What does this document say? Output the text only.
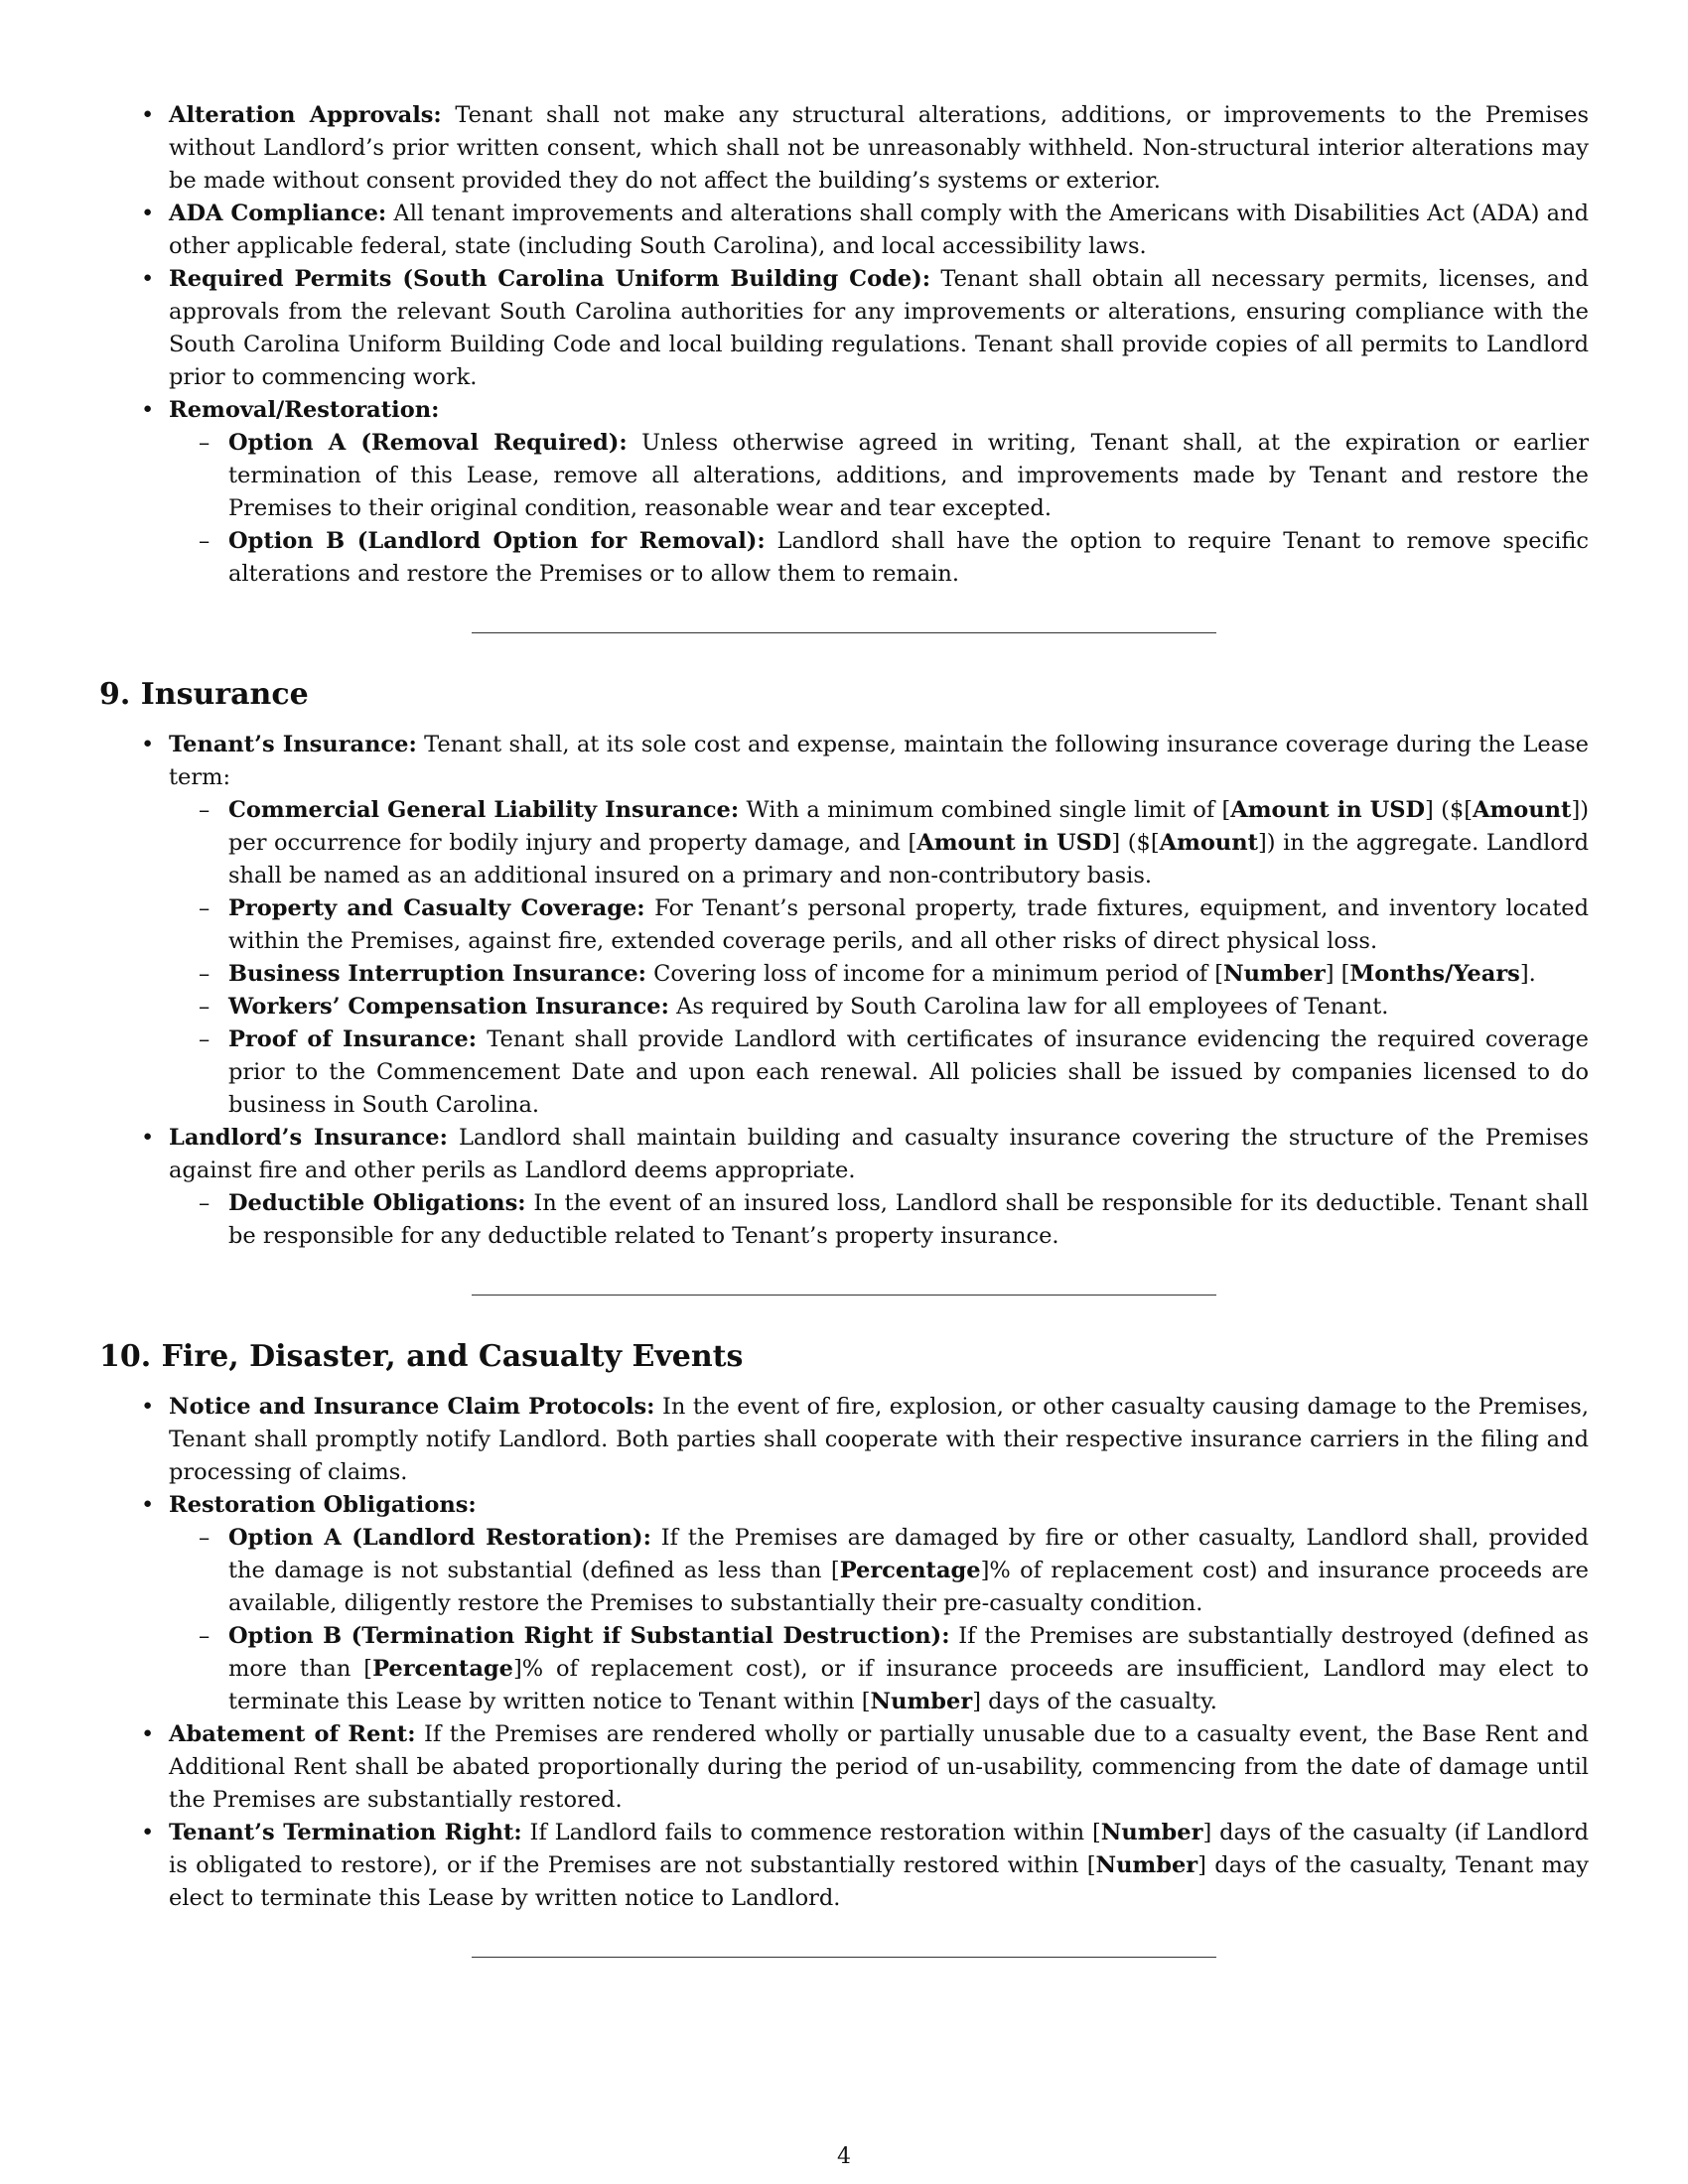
• Alteration Approvals: Tenant shall not make any structural alterations, additions, or improvements to the Premises without Landlord’s prior written consent, which shall not be unreasonably withheld. Non-structural interior alterations may be made without consent provided they do not affect the building’s systems or exterior.
• ADA Compliance: All tenant improvements and alterations shall comply with the Americans with Disabilities Act (ADA) and other applicable federal, state (including South Carolina), and local accessibility laws.
• Required Permits (South Carolina Uniform Building Code): Tenant shall obtain all necessary permits, licenses, and approvals from the relevant South Carolina authorities for any improvements or alterations, ensuring compliance with the South Carolina Uniform Building Code and local building regulations. Tenant shall provide copies of all permits to Landlord prior to commencing work.
• Removal/Restoration:
– Option A (Removal Required): Unless otherwise agreed in writing, Tenant shall, at the expiration or earlier termination of this Lease, remove all alterations, additions, and improvements made by Tenant and restore the Premises to their original condition, reasonable wear and tear excepted.
– Option B (Landlord Option for Removal): Landlord shall have the option to require Tenant to remove specific alterations and restore the Premises or to allow them to remain.
9. Insurance
• Tenant’s Insurance: Tenant shall, at its sole cost and expense, maintain the following insurance coverage during the Lease term:
– Commercial General Liability Insurance: With a minimum combined single limit of [Amount in USD] ($[Amount]) per occurrence for bodily injury and property damage, and [Amount in USD] ($[Amount]) in the aggregate. Landlord shall be named as an additional insured on a primary and non-contributory basis.
– Property and Casualty Coverage: For Tenant’s personal property, trade fixtures, equipment, and inventory located within the Premises, against fire, extended coverage perils, and all other risks of direct physical loss.
– Business Interruption Insurance: Covering loss of income for a minimum period of [Number] [Months/Years].
– Workers’ Compensation Insurance: As required by South Carolina law for all employees of Tenant.
– Proof of Insurance: Tenant shall provide Landlord with certificates of insurance evidencing the required coverage prior to the Commencement Date and upon each renewal. All policies shall be issued by companies licensed to do business in South Carolina.
• Landlord’s Insurance: Landlord shall maintain building and casualty insurance covering the structure of the Premises against fire and other perils as Landlord deems appropriate.
– Deductible Obligations: In the event of an insured loss, Landlord shall be responsible for its deductible. Tenant shall be responsible for any deductible related to Tenant’s property insurance.
10. Fire, Disaster, and Casualty Events
• Notice and Insurance Claim Protocols: In the event of fire, explosion, or other casualty causing damage to the Premises, Tenant shall promptly notify Landlord. Both parties shall cooperate with their respective insurance carriers in the filing and processing of claims.
• Restoration Obligations:
– Option A (Landlord Restoration): If the Premises are damaged by fire or other casualty, Landlord shall, provided the damage is not substantial (defined as less than [Percentage]% of replacement cost) and insurance proceeds are available, diligently restore the Premises to substantially their pre-casualty condition.
– Option B (Termination Right if Substantial Destruction): If the Premises are substantially destroyed (defined as more than [Percentage]% of replacement cost), or if insurance proceeds are insufficient, Landlord may elect to terminate this Lease by written notice to Tenant within [Number] days of the casualty.
• Abatement of Rent: If the Premises are rendered wholly or partially unusable due to a casualty event, the Base Rent and Additional Rent shall be abated proportionally during the period of un-usability, commencing from the date of damage until the Premises are substantially restored.
• Tenant’s Termination Right: If Landlord fails to commence restoration within [Number] days of the casualty (if Landlord is obligated to restore), or if the Premises are not substantially restored within [Number] days of the casualty, Tenant may elect to terminate this Lease by written notice to Landlord.
4
